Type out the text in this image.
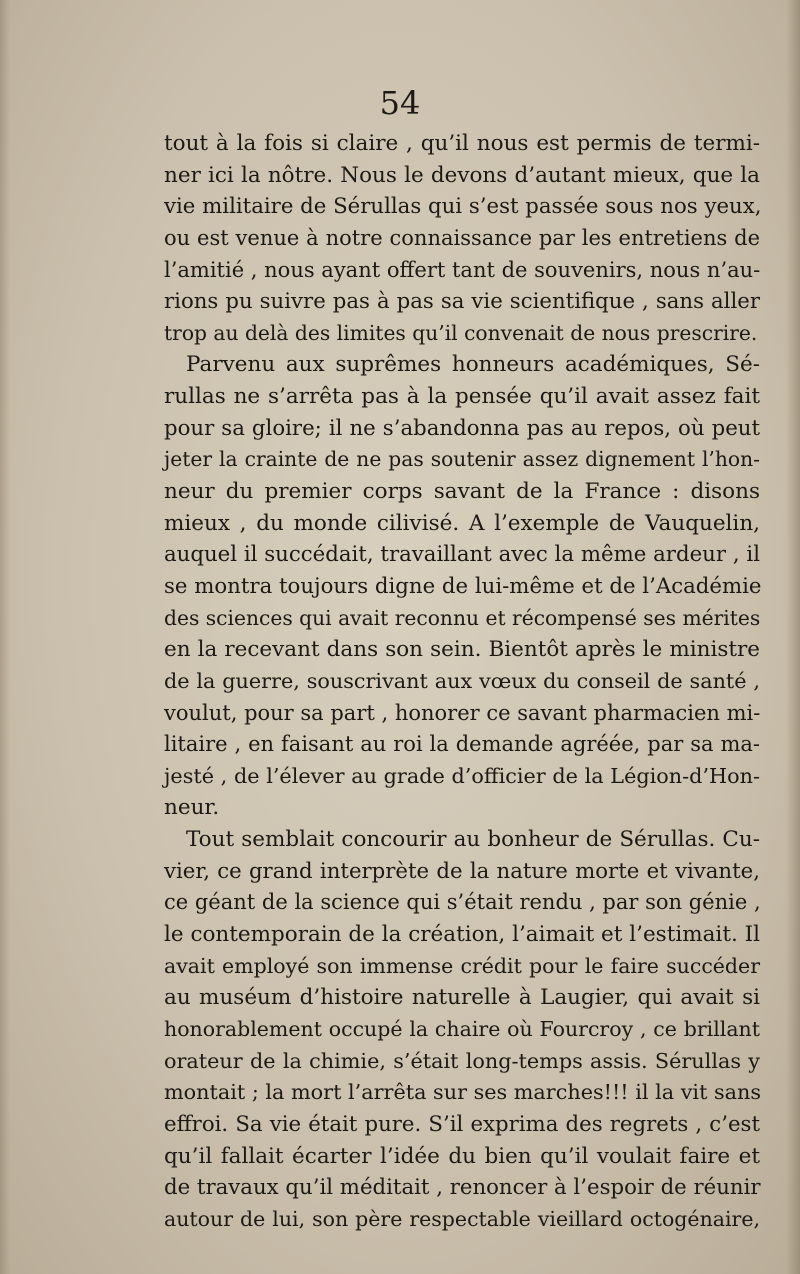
54
tout à la fois si claire , qu’il nous est permis de termi-
ner ici la nôtre. Nous le devons d’autant mieux, que la
vie militaire de Sérullas qui s’est passée sous nos yeux,
ou est venue à notre connaissance par les entretiens de
l’amitié , nous ayant offert tant de souvenirs, nous n’au-
rions pu suivre pas à pas sa vie scientifique , sans aller
trop au delà des limites qu’il convenait de nous prescrire.
Parvenu aux suprêmes honneurs académiques, Sé-
rullas ne s’arrêta pas à la pensée qu’il avait assez fait
pour sa gloire; il ne s’abandonna pas au repos, où peut
jeter la crainte de ne pas soutenir assez dignement l’hon-
neur du premier corps savant de la France : disons
mieux , du monde cilivisé. A l’exemple de Vauquelin,
auquel il succédait, travaillant avec la même ardeur , il
se montra toujours digne de lui-même et de l’Académie
des sciences qui avait reconnu et récompensé ses mérites
en la recevant dans son sein. Bientôt après le ministre
de la guerre, souscrivant aux vœux du conseil de santé ,
voulut, pour sa part , honorer ce savant pharmacien mi-
litaire , en faisant au roi la demande agréée, par sa ma-
jesté , de l’élever au grade d’officier de la Légion-d’Hon-
neur.
Tout semblait concourir au bonheur de Sérullas. Cu-
vier, ce grand interprète de la nature morte et vivante,
ce géant de la science qui s’était rendu , par son génie ,
le contemporain de la création, l’aimait et l’estimait. Il
avait employé son immense crédit pour le faire succéder
au muséum d’histoire naturelle à Laugier, qui avait si
honorablement occupé la chaire où Fourcroy , ce brillant
orateur de la chimie, s’était long-temps assis. Sérullas y
montait ; la mort l’arrêta sur ses marches!!! il la vit sans
effroi. Sa vie était pure. S’il exprima des regrets , c’est
qu’il fallait écarter l’idée du bien qu’il voulait faire et
de travaux qu’il méditait , renoncer à l’espoir de réunir
autour de lui, son père respectable vieillard octogénaire,
